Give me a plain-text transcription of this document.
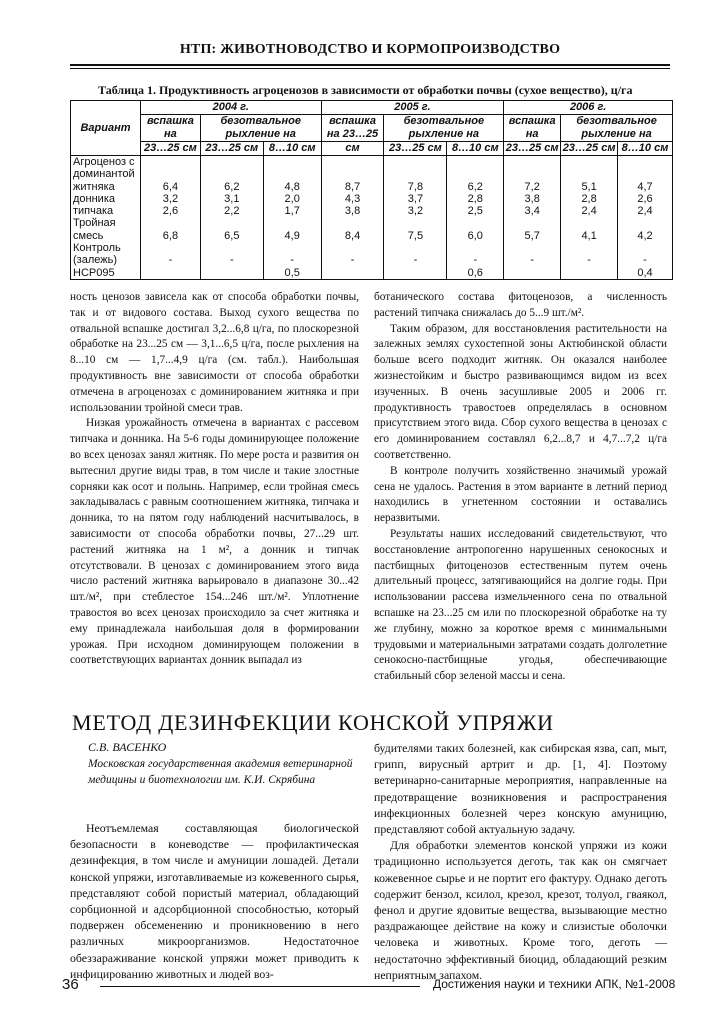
НТП: ЖИВОТНОВОДСТВО И КОРМОПРОИЗВОДСТВО
Таблица 1. Продуктивность агроценозов в зависимости от обработки почвы (сухое вещество), ц/га
Вариант	2004 г.			2005 г.			2006 г.		
	вспашка на	безотвальное рыхление на		вспашка на 23…25	безотвальное рыхление на		вспашка на	безотвальное рыхление на	
	23…25 см	23…25 см	8…10 см	см	23…25 см	8…10 см	23…25 см	23…25 см	8…10 см
Агроценоз с									
доминантой									
житняка	6,4	6,2	4,8	8,7	7,8	6,2	7,2	5,1	4,7
донника	3,2	3,1	2,0	4,3	3,7	2,8	3,8	2,8	2,6
типчака	2,6	2,2	1,7	3,8	3,2	2,5	3,4	2,4	2,4
Тройная									
смесь	6,8	6,5	4,9	8,4	7,5	6,0	5,7	4,1	4,2
Контроль									
(залежь)	-	-	-	-	-	-	-	-	-
НСР095			0,5			0,6			0,4

ность ценозов зависела как от способа обработки почвы, так и от видового состава. Выход сухого вещества по отвальной вспашке достигал 3,2...6,8 ц/га, по плоскорезной обработке на 23...25 см — 3,1...6,5 ц/га, после рыхления на 8...10 см — 1,7...4,9 ц/га (см. табл.). Наибольшая продуктивность вне зависимости от способа обработки отмечена в агроценозах с доминированием житняка и при использовании тройной смеси трав.

Низкая урожайность отмечена в вариантах с рассевом типчака и донника. На 5-6 годы доминирующее положение во всех ценозах занял житняк. По мере роста и развития он вытеснил другие виды трав, в том числе и такие злостные сорняки как осот и полынь. Например, если тройная смесь закладывалась с равным соотношением житняка, типчака и донника, то на пятом году наблюдений насчитывалось, в зависимости от способа обработки почвы, 27...29 шт. растений житняка на 1 м², а донник и типчак отсутствовали. В ценозах с доминированием этого вида число растений житняка варьировало в диапазоне 30...42 шт./м², при стеблестое 154...246 шт./м². Уплотнение травостоя во всех ценозах происходило за счет житняка и ему принадлежала наибольшая доля в формировании урожая. При исходном доминирующем положении в соответствующих вариантах донник выпадал из

ботанического состава фитоценозов, а численность растений типчака снижалась до 5...9 шт./м².

Таким образом, для восстановления растительности на залежных землях сухостепной зоны Актюбинской области больше всего подходит житняк. Он оказался наиболее жизнестойким и быстро развивающимся видом из всех изученных. В очень засушливые 2005 и 2006 гг. продуктивность травостоев определялась в основном присутствием этого вида. Сбор сухого вещества в ценозах с его доминированием составлял 6,2...8,7 и 4,7...7,2 ц/га соответственно.

В контроле получить хозяйственно значимый урожай сена не удалось. Растения в этом варианте в летний период находились в угнетенном состоянии и оставались неразвитыми.

Результаты наших исследований свидетельствуют, что восстановление антропогенно нарушенных сенокосных и пастбищных фитоценозов естественным путем очень длительный процесс, затягивающийся на долгие годы. При использовании рассева измельченного сена по отвальной вспашке на 23...25 см или по плоскорезной обработке на ту же глубину, можно за короткое время с минимальными трудовыми и материальными затратами создать долголетние сенокосно-пастбищные угодья, обеспечивающие стабильный сбор зеленой массы и сена.

МЕТОД ДЕЗИНФЕКЦИИ КОНСКОЙ УПРЯЖИ
С.В. ВАСЕНКО
Московская государственная академия ветеринарной медицины и биотехнологии им. К.И. Скрябина

Неотъемлемая составляющая биологической безопасности в коневодстве — профилактическая дезинфекция, в том числе и амуниции лошадей. Детали конской упряжи, изготавливаемые из кожевенного сырья, представляют собой пористый материал, обладающий сорбционной и адсорбционной способностью, который подвержен обсеменению и проникновению в него различных микроорганизмов. Недостаточное обеззараживание конской упряжи может приводить к инфицированию животных и людей воз-

будителями таких болезней, как сибирская язва, сап, мыт, грипп, вирусный артрит и др. [1, 4]. Поэтому ветеринарно-санитарные мероприятия, направленные на предотвращение возникновения и распространения инфекционных болезней через конскую амуницию, представляют собой актуальную задачу.

Для обработки элементов конской упряжи из кожи традиционно используется деготь, так как он смягчает кожевенное сырье и не портит его фактуру. Однако деготь содержит бензол, ксилол, крезол, крезот, толуол, гваякол, фенол и другие ядовитые вещества, вызывающие местно раздражающее действие на кожу и слизистые оболочки человека и животных. Кроме того, деготь — недостаточно эффективный биоцид, обладающий резким неприятным запахом.

36	Достижения науки и техники АПК, №1-2008
